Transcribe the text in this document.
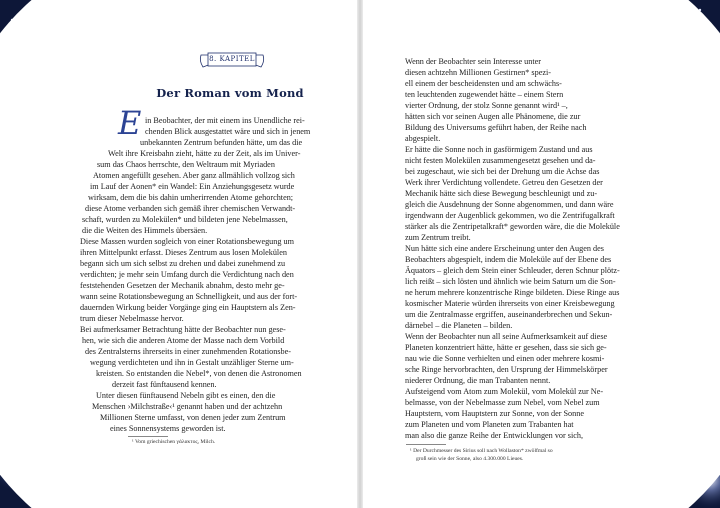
8. KAPITEL
Der Roman vom Mond
E in Beobachter, der mit einem ins Unendliche rei-

chenden Blick ausgestattet wäre und sich in jenem

unbekannten Zentrum befunden hätte, um das die

Welt ihre Kreisbahn zieht, hätte zu der Zeit, als im Univer-

sum das Chaos herrschte, den Weltraum mit Myriaden

Atomen angefüllt gesehen. Aber ganz allmählich vollzog sich

im Lauf der Aonen* ein Wandel: Ein Anziehungsgesetz wurde

wirksam, dem die bis dahin umherirrenden Atome gehorchten;

diese Atome verbanden sich gemäß ihrer chemischen Verwandt-

schaft, wurden zu Molekülen* und bildeten jene Nebelmassen,

die die Weiten des Himmels übersäen.

Diese Massen wurden sogleich von einer Rotationsbewegung um

ihren Mittelpunkt erfasst. Dieses Zentrum aus losen Molekülen

begann sich um sich selbst zu drehen und dabei zunehmend zu

verdichten; je mehr sein Umfang durch die Verdichtung nach den

feststehenden Gesetzen der Mechanik abnahm, desto mehr ge-

wann seine Rotationsbewegung an Schnelligkeit, und aus der fort-

dauernden Wirkung beider Vorgänge ging ein Hauptstern als Zen-

trum dieser Nebelmasse hervor.

Bei aufmerksamer Betrachtung hätte der Beobachter nun gese-

hen, wie sich die anderen Atome der Masse nach dem Vorbild

des Zentralsterns ihrerseits in einer zunehmenden Rotationsbe-

wegung verdichteten und ihn in Gestalt unzähliger Sterne um-

kreisten. So entstanden die Nebel*, von denen die Astronomen

derzeit fast fünftausend kennen.

Unter diesen fünftausend Nebeln gibt es einen, den die

Menschen ›Milchstraße‹¹ genannt haben und der achtzehn

Millionen Sterne umfasst, von denen jeder zum Zentrum

eines Sonnensystems geworden ist.

¹ Vom griechischen γάλακτος, Milch.

Wenn der Beobachter sein Interesse unter

diesen achtzehn Millionen Gestirnen* spezi-

ell einem der bescheidensten und am schwächs-

ten leuchtenden zugewendet hätte – einem Stern

vierter Ordnung, der stolz Sonne genannt wird¹ –,

hätten sich vor seinen Augen alle Phänomene, die zur

Bildung des Universums geführt haben, der Reihe nach

abgespielt.

Er hätte die Sonne noch in gasförmigem Zustand und aus

nicht festen Molekülen zusammengesetzt gesehen und da-

bei zugeschaut, wie sich bei der Drehung um die Achse das

Werk ihrer Verdichtung vollendete. Getreu den Gesetzen der

Mechanik hätte sich diese Bewegung beschleunigt und zu-

gleich die Ausdehnung der Sonne abgenommen, und dann wäre

irgendwann der Augenblick gekommen, wo die Zentrifugalkraft

stärker als die Zentripetalkraft* geworden wäre, die die Moleküle

zum Zentrum treibt.

Nun hätte sich eine andere Erscheinung unter den Augen des

Beobachters abgespielt, indem die Moleküle auf der Ebene des

Äquators – gleich dem Stein einer Schleuder, deren Schnur plötz-

lich reißt – sich lösten und ähnlich wie beim Saturn um die Son-

ne herum mehrere konzentrische Ringe bildeten. Diese Ringe aus

kosmischer Materie würden ihrerseits von einer Kreisbewegung

um die Zentralmasse ergriffen, auseinanderbrechen und Sekun-

därnebel – die Planeten – bilden.

Wenn der Beobachter nun all seine Aufmerksamkeit auf diese

Planeten konzentriert hätte, hätte er gesehen, dass sie sich ge-

nau wie die Sonne verhielten und einen oder mehrere kosmi-

sche Ringe hervorbrachten, den Ursprung der Himmelskörper

niederer Ordnung, die man Trabanten nennt.

Aufsteigend vom Atom zum Molekül, vom Molekül zur Ne-

belmasse, von der Nebelmasse zum Nebel, vom Nebel zum

Hauptstern, vom Hauptstern zur Sonne, von der Sonne

zum Planeten und vom Planeten zum Trabanten hat

man also die ganze Reihe der Entwicklungen vor sich,

¹ Der Durchmesser des Sirius soll nach Wollaston* zwölfmal so
groß sein wie der Sonne, also 4.300.000 Lieues.
